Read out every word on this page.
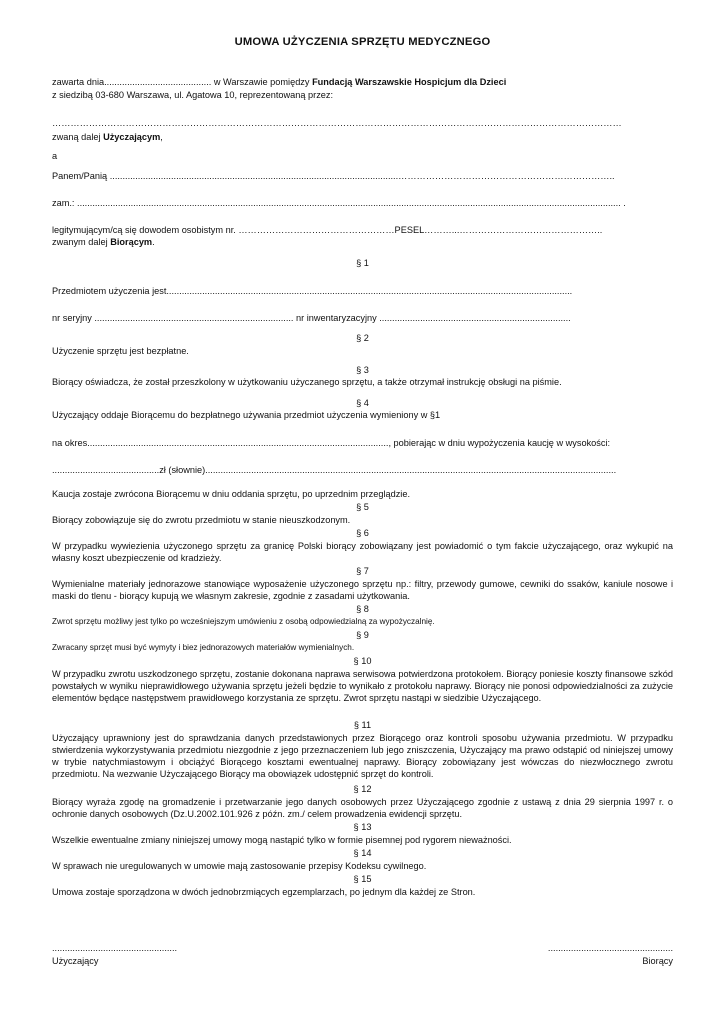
UMOWA UŻYCZENIA SPRZĘTU MEDYCZNEGO
zawarta dnia.......................................... w Warszawie pomiędzy Fundacją Warszawskie Hospicjum dla Dzieci
z siedzibą 03-680 Warszawa, ul. Agatowa 10, reprezentowaną przez:
……………………………………………………………………………………………………………………………………………………………………
zwaną dalej Użyczającym,
a
Panem/Panią .................................................................................................................……………………………………………………………..
zam.: ..................................................................................................................................................................................................................... .
legitymującym/cą się dowodem osobistym nr. ……………………………………………PESEL………...………………………………………..
zwanym dalej Biorącym.
§ 1
Przedmiotem użyczenia jest...............................................................................................................................................................
nr seryjny .............................................................................. nr inwentaryzacyjny ...........................................................................
§ 2
Użyczenie sprzętu jest bezpłatne.
§ 3
Biorący oświadcza, że został przeszkolony w użytkowaniu użyczanego sprzętu, a także otrzymał instrukcję obsługi na piśmie.
§ 4
Użyczający oddaje Biorącemu do bezpłatnego używania przedmiot użyczenia wymieniony w §1
na okres......................................................................................................................, pobierając w dniu wypożyczenia kaucję w wysokości:
..........................................zł (słownie).................................................................................................................................................................
Kaucja zostaje zwrócona Biorącemu w dniu oddania sprzętu, po uprzednim przeglądzie.
§ 5
Biorący zobowiązuje się do zwrotu przedmiotu w stanie nieuszkodzonym.
§ 6
W przypadku wywiezienia użyczonego sprzętu za granicę Polski biorący zobowiązany jest powiadomić o tym fakcie użyczającego, oraz wykupić na własny koszt ubezpieczenie od kradzieży.
§ 7
Wymienialne materiały jednorazowe stanowiące wyposażenie użyczonego sprzętu np.: filtry, przewody gumowe, cewniki do ssaków, kaniule nosowe i maski do tlenu - biorący kupują we własnym zakresie, zgodnie z zasadami użytkowania.
§ 8
Zwrot sprzętu możliwy jest tylko po wcześniejszym umówieniu z osobą odpowiedzialną za wypożyczalnię.
§ 9
Zwracany sprzęt musi być wymyty i biez jednorazowych materiałów wymienialnych.
§ 10
W przypadku zwrotu uszkodzonego sprzętu, zostanie dokonana naprawa serwisowa potwierdzona protokołem. Biorący poniesie koszty finansowe szkód powstałych w wyniku nieprawidłowego używania sprzętu jeżeli będzie to wynikało z protokołu naprawy. Biorący nie ponosi odpowiedzialności za zużycie elementów będące następstwem prawidłowego korzystania ze sprzętu. Zwrot sprzętu nastąpi w siedzibie Użyczającego.
§ 11
Użyczający uprawniony jest do sprawdzania danych przedstawionych przez Biorącego oraz kontroli sposobu używania przedmiotu. W przypadku stwierdzenia wykorzystywania przedmiotu niezgodnie z jego przeznaczeniem lub jego zniszczenia, Użyczający ma prawo odstąpić od niniejszej umowy w trybie natychmiastowym i obciążyć Biorącego kosztami ewentualnej naprawy. Biorący zobowiązany jest wówczas do niezwłocznego zwrotu przedmiotu. Na wezwanie Użyczającego Biorący ma obowiązek udostępnić sprzęt do kontroli.
§ 12
Biorący wyraża zgodę na gromadzenie i przetwarzanie jego danych osobowych przez Użyczającego zgodnie z ustawą z dnia 29 sierpnia 1997 r. o ochronie danych osobowych (Dz.U.2002.101.926 z późn. zm./ celem prowadzenia ewidencji sprzętu.
§ 13
Wszelkie ewentualne zmiany niniejszej umowy mogą nastąpić tylko w formie pisemnej pod rygorem nieważności.
§ 14
W sprawach nie uregulowanych w umowie mają zastosowanie przepisy Kodeksu cywilnego.
§ 15
Umowa zostaje sporządzona w dwóch jednobrzmiących egzemplarzach, po jednym dla każdej ze Stron.
.................................................
Użyczający
.................................................
Biorący
